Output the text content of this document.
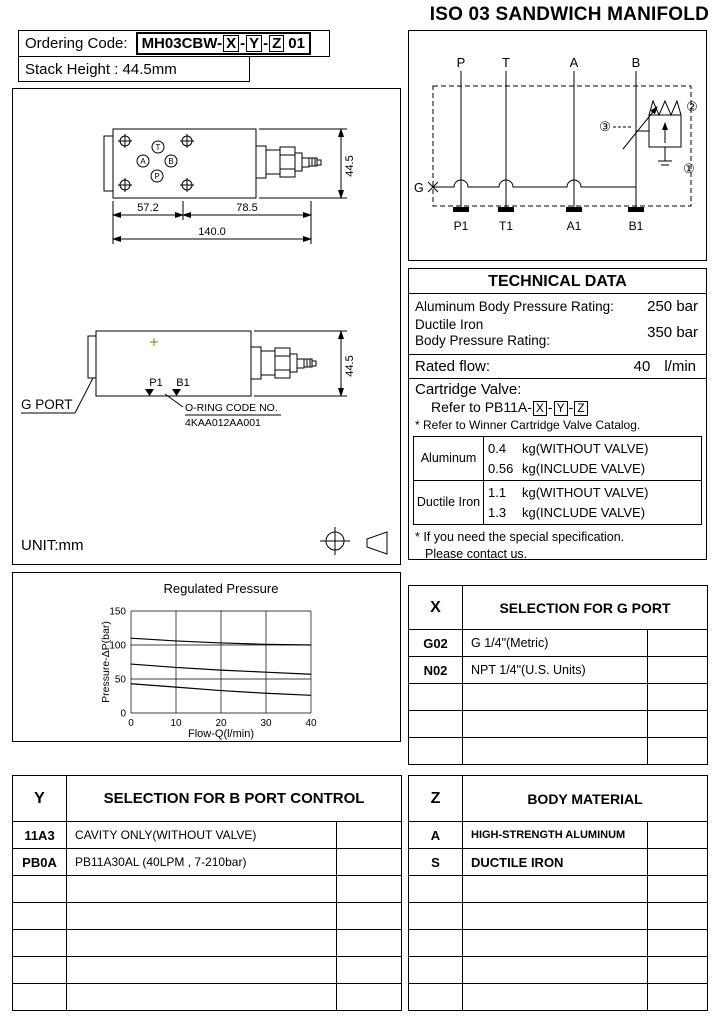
ISO 03 SANDWICH MANIFOLD
Ordering Code: MH03CBW- X - Y - Z 01
Stack Height : 44.5mm
T
A	B
P
57.2	78.5
140.0
44.5
P1 B1
G PORT	O-RING CODE NO.
4KAA012AA001
44.5
UNIT:mm
P	T	A	B
P1	T1	A1	B1
G
③
②
①
TECHNICAL DATA
Aluminum Body Pressure Rating: 250 bar
Ductile Iron
Body Pressure Rating:	350 bar
Rated flow:	40 l/min
Cartridge Valve:
Refer to PB11A- X - Y - Z
* Refer to Winner Cartridge Valve Catalog.
Aluminum
0.4	kg(WITHOUT VALVE)
0.56 kg(INCLUDE VALVE)
Ductile Iron
1.1	kg(WITHOUT VALVE)
1.3	kg(INCLUDE VALVE)
* If you need the special specification.
Please contact us.
Regulated Pressure
Flow-Q(l/min)
Pressure-ΔP(bar)
0
50
100
150
0	10	20	30	40
X	SELECTION FOR G PORT	
G02	G 1/4"(Metric)	
N02	NPT 1/4"(U.S. Units)	

Y	SELECTION FOR B PORT CONTROL	
11A3	CAVITY ONLY(WITHOUT VALVE)	
PB0A	PB11A30AL (40LPM , 7-210bar)	

Z	BODY MATERIAL	
A	HIGH-STRENGTH ALUMINUM	
S	DUCTILE IRON	
